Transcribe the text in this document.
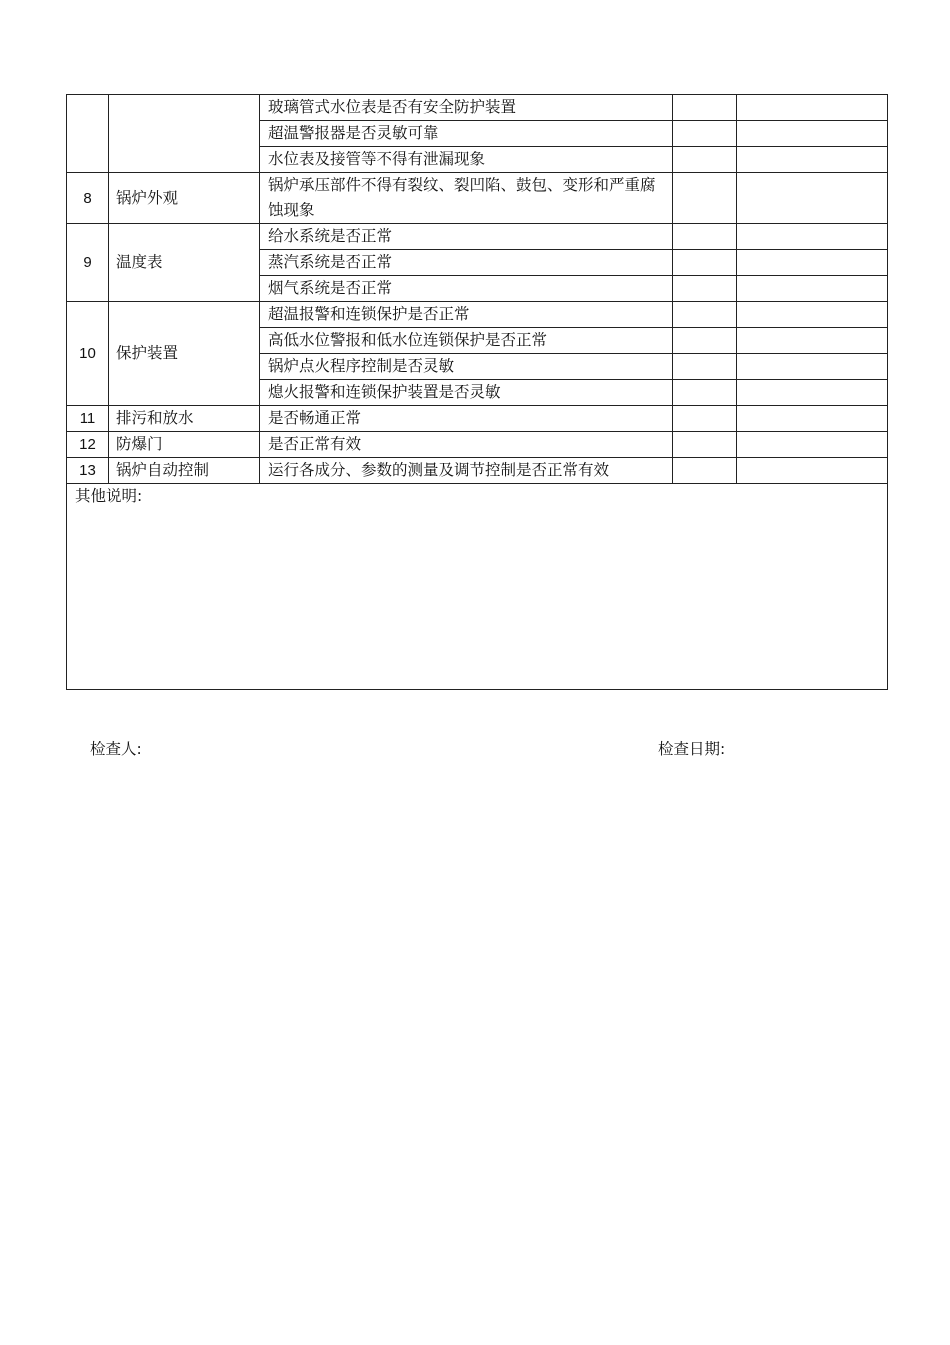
		玻璃管式水位表是否有安全防护装置		
		超温警报器是否灵敏可靠		
		水位表及接管等不得有泄漏现象		
8	锅炉外观	锅炉承压部件不得有裂纹、裂凹陷、鼓包、变形和严重腐蚀现象		
9	温度表	给水系统是否正常		
		蒸汽系统是否正常		
		烟气系统是否正常		
10	保护装置	超温报警和连锁保护是否正常		
		高低水位警报和低水位连锁保护是否正常		
		锅炉点火程序控制是否灵敏		
		熄火报警和连锁保护装置是否灵敏		
11	排污和放水	是否畅通正常		
12	防爆门	是否正常有效		
13	锅炉自动控制	运行各成分、参数的测量及调节控制是否正常有效		
其他说明:				
检查人:	检查日期:
